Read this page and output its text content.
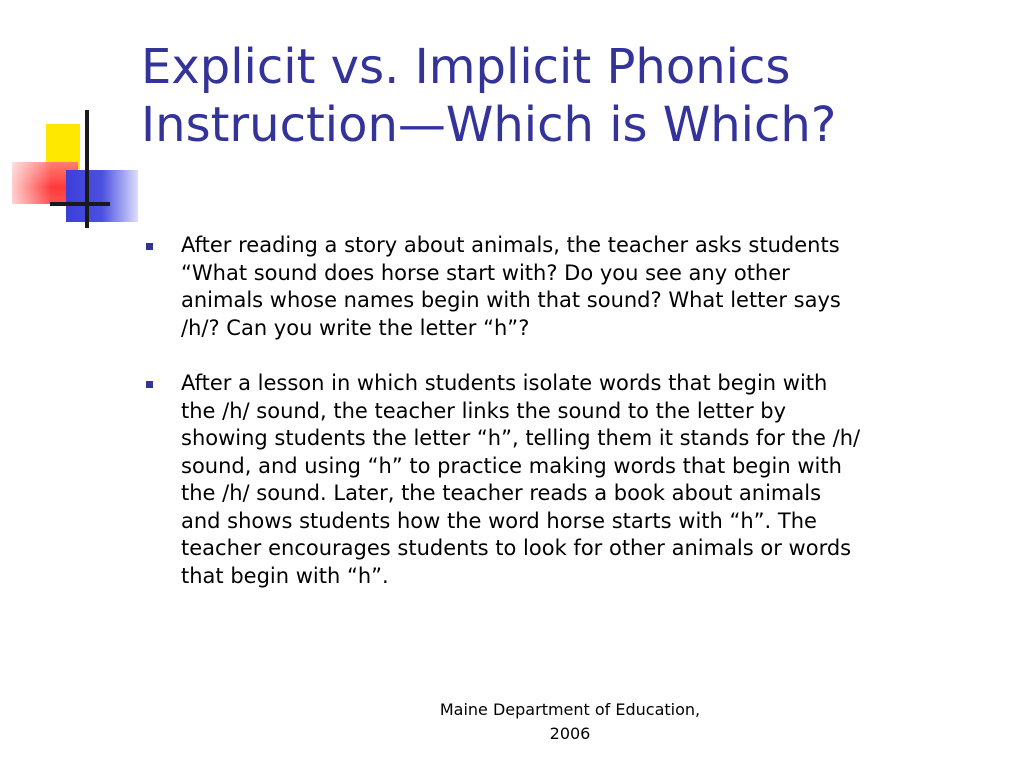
Explicit vs. Implicit Phonics
Instruction—Which is Which?
After reading a story about animals, the teacher asks students
“What sound does horse start with? Do you see any other
animals whose names begin with that sound? What letter says
/h/? Can you write the letter “h”?
After a lesson in which students isolate words that begin with
the /h/ sound, the teacher links the sound to the letter by
showing students the letter “h”, telling them it stands for the /h/
sound, and using “h” to practice making words that begin with
the /h/ sound. Later, the teacher reads a book about animals
and shows students how the word horse starts with “h”. The
teacher encourages students to look for other animals or words
that begin with “h”.
Maine Department of Education,
2006
